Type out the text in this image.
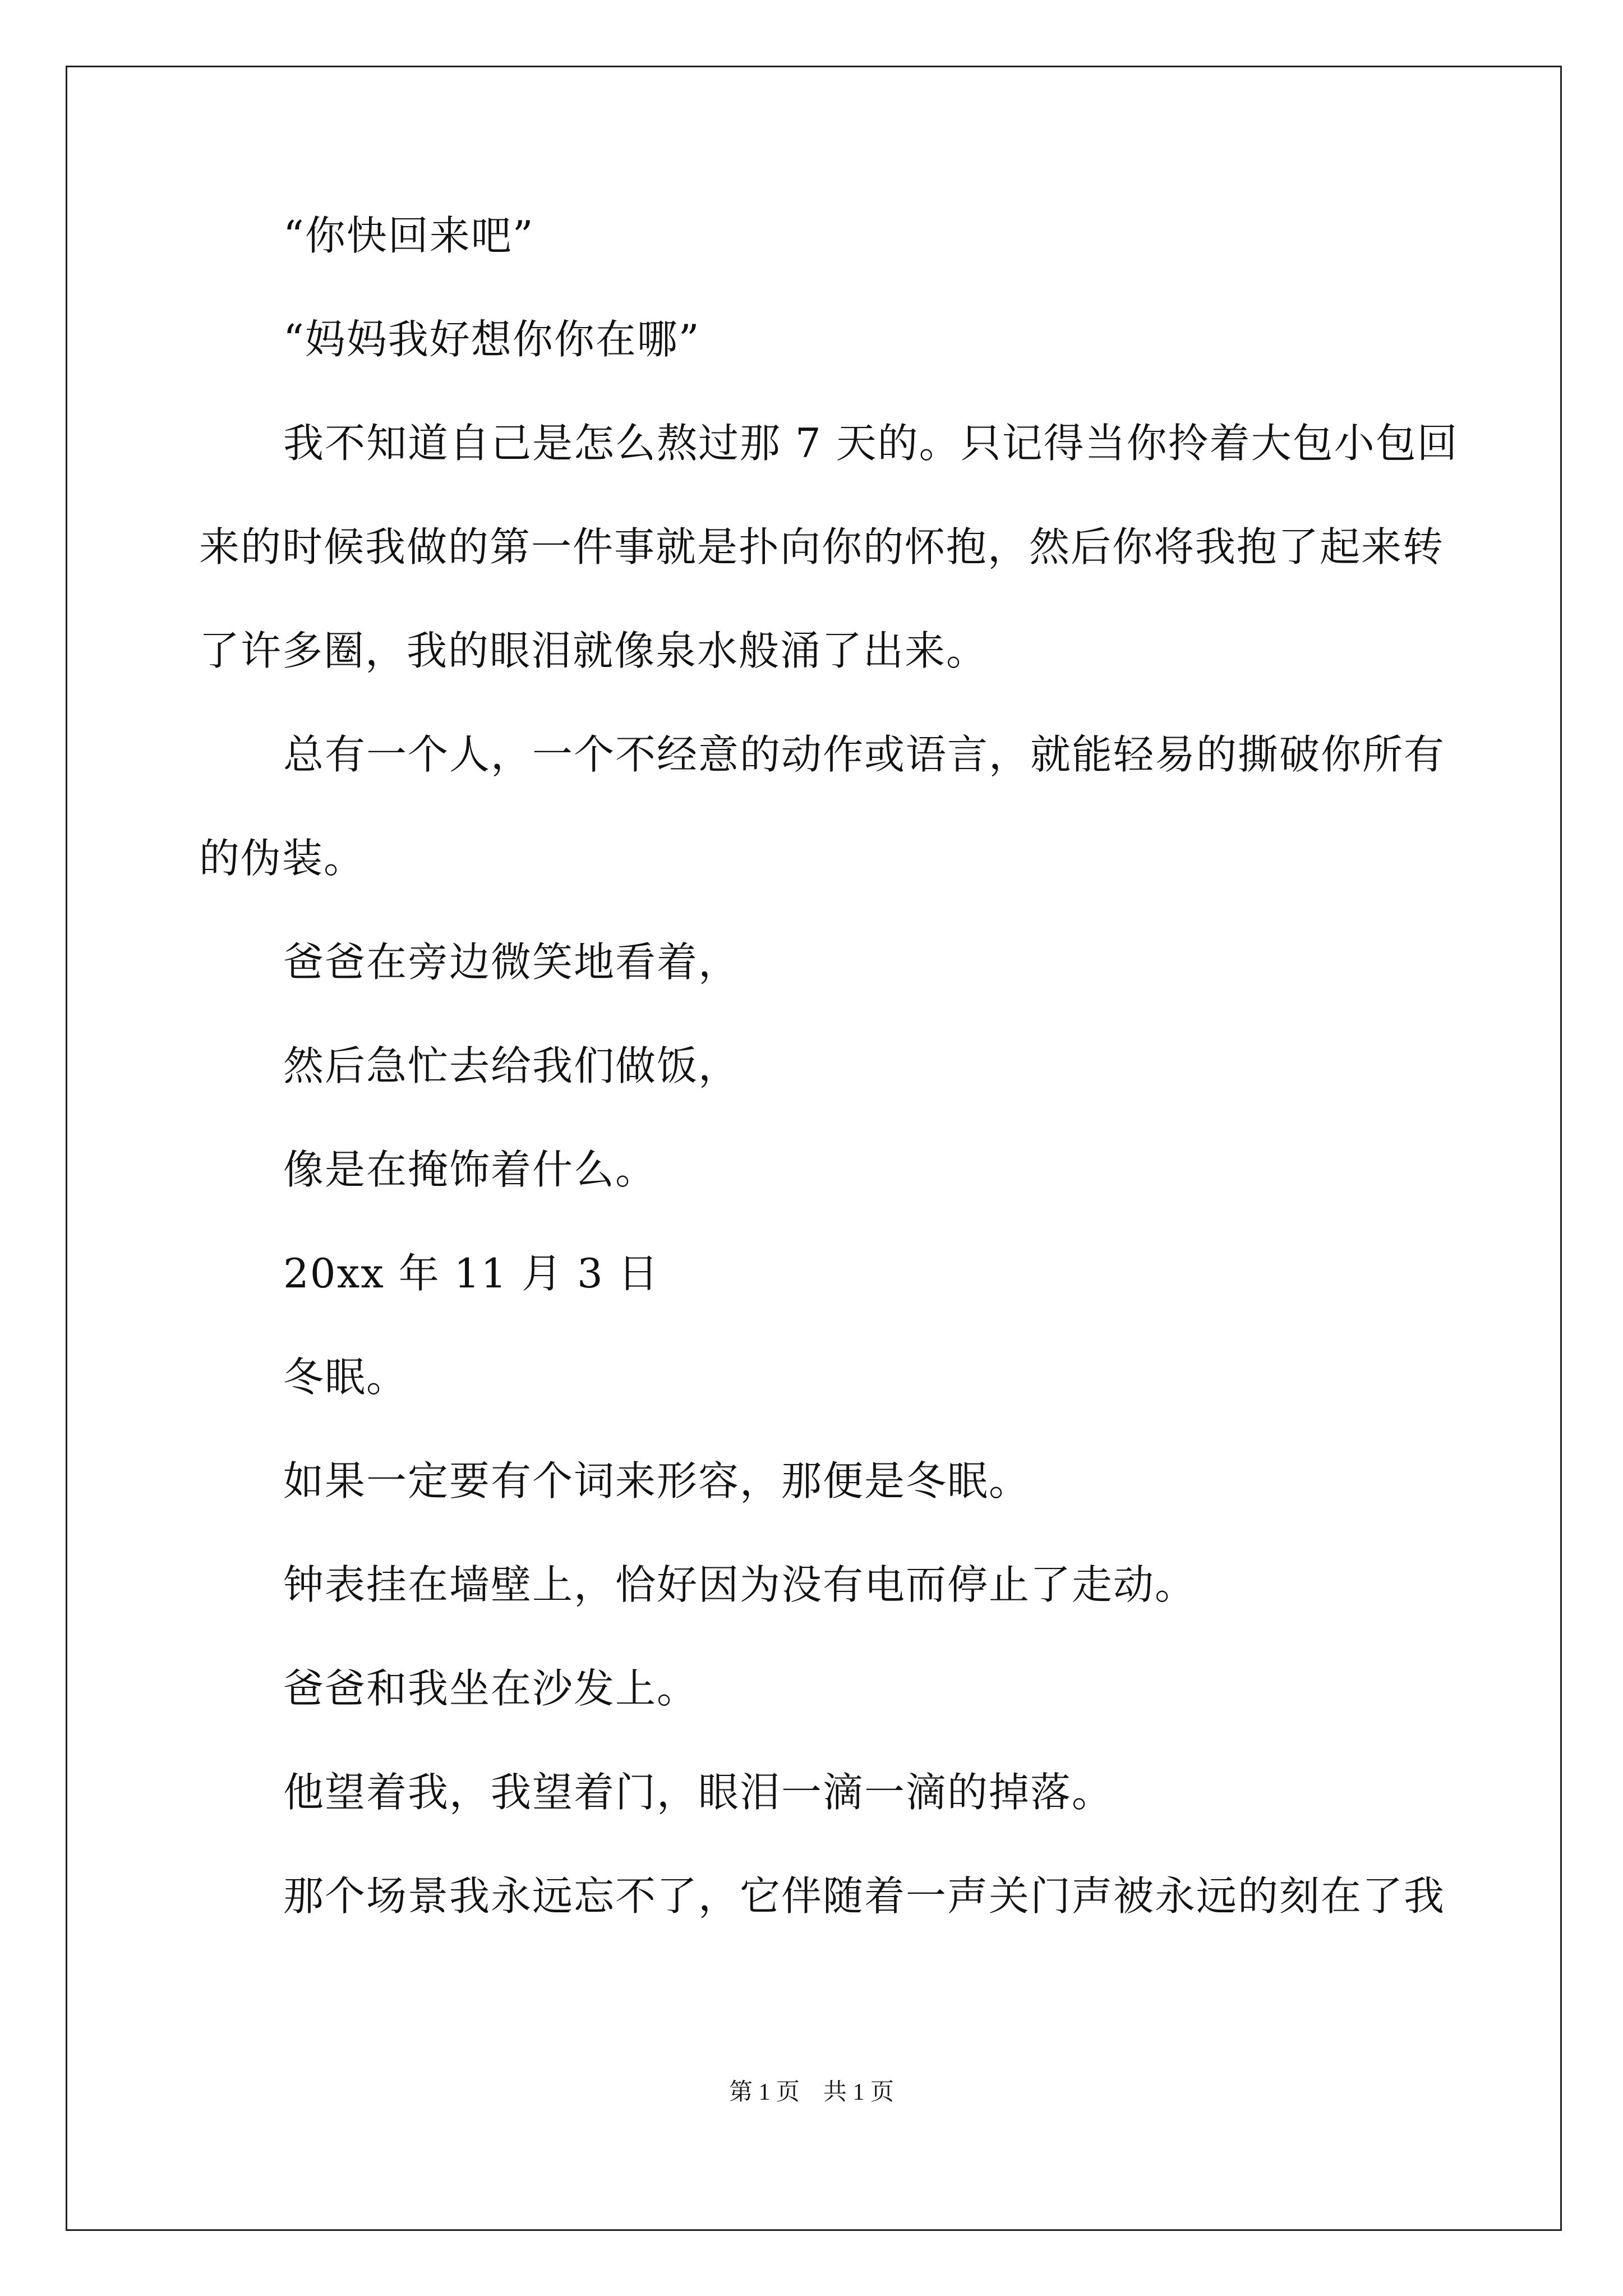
“你快回来吧”

“妈妈我好想你你在哪”

我不知道自己是怎么熬过那 7 天的。只记得当你拎着大包小包回

来的时候我做的第一件事就是扑向你的怀抱，然后你将我抱了起来转

了许多圈，我的眼泪就像泉水般涌了出来。

总有一个人，一个不经意的动作或语言，就能轻易的撕破你所有

的伪装。

爸爸在旁边微笑地看着，

然后急忙去给我们做饭，

像是在掩饰着什么。

20xx 年 11 月 3 日

冬眠。

如果一定要有个词来形容，那便是冬眠。

钟表挂在墙壁上，恰好因为没有电而停止了走动。

爸爸和我坐在沙发上。

他望着我，我望着门，眼泪一滴一滴的掉落。

那个场景我永远忘不了，它伴随着一声关门声被永远的刻在了我

第 1 页　共 1 页
